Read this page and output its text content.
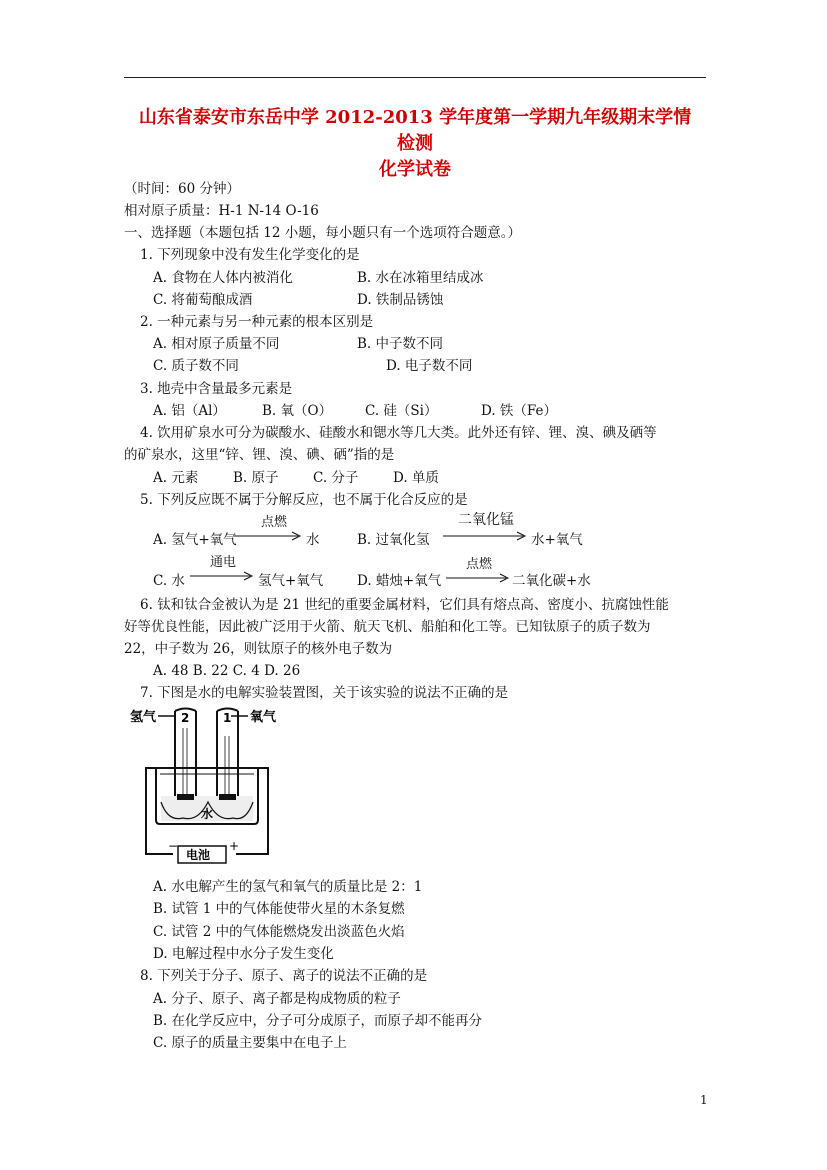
山东省泰安市东岳中学 2012-2013 学年度第一学期九年级期末学情
检测
化学试卷
（时间：60 分钟）
相对原子质量：H-1 N-14 O-16
一、选择题（本题包括 12 小题，每小题只有一个选项符合题意。）
1. 下列现象中没有发生化学变化的是
A. 食物在人体内被消化	B. 水在冰箱里结成冰
C. 将葡萄酿成酒	D. 铁制品锈蚀
2. 一种元素与另一种元素的根本区别是
A. 相对原子质量不同	B. 中子数不同
C. 质子数不同	D. 电子数不同
3. 地壳中含量最多元素是
A. 铝（Al）	B. 氧（O） C. 硅（Si）	D. 铁（Fe）
4. 饮用矿泉水可分为碳酸水、硅酸水和锶水等几大类。此外还有锌、锂、溴、碘及硒等
的矿泉水，这里“锌、锂、溴、碘、硒”指的是
A. 元素	B. 原子	C. 分子	D. 单质
5. 下列反应既不属于分解反应，也不属于化合反应的是
A. 氢气+氧气
点燃
水	B. 过氧化氢
二氧化锰
水+氧气
C. 水
通电
氢气+氧气 D. 蜡烛+氧气
点燃
二氧化碳+水
6. 钛和钛合金被认为是 21 世纪的重要金属材料，它们具有熔点高、密度小、抗腐蚀性能
好等优良性能，因此被广泛用于火箭、航天飞机、船舶和化工等。已知钛原子的质子数为
22，中子数为 26，则钛原子的核外电子数为
A. 48 B. 22 C. 4 D. 26
7. 下图是水的电解实验装置图，关于该实验的说法不正确的是
氢气 2	1 氧气
水
电池
−	+
A. 水电解产生的氢气和氧气的质量比是 2：1
B. 试管 1 中的气体能使带火星的木条复燃
C. 试管 2 中的气体能燃烧发出淡蓝色火焰
D. 电解过程中水分子发生变化
8. 下列关于分子、原子、离子的说法不正确的是
A. 分子、原子、离子都是构成物质的粒子
B. 在化学反应中，分子可分成原子，而原子却不能再分
C. 原子的质量主要集中在电子上
1
